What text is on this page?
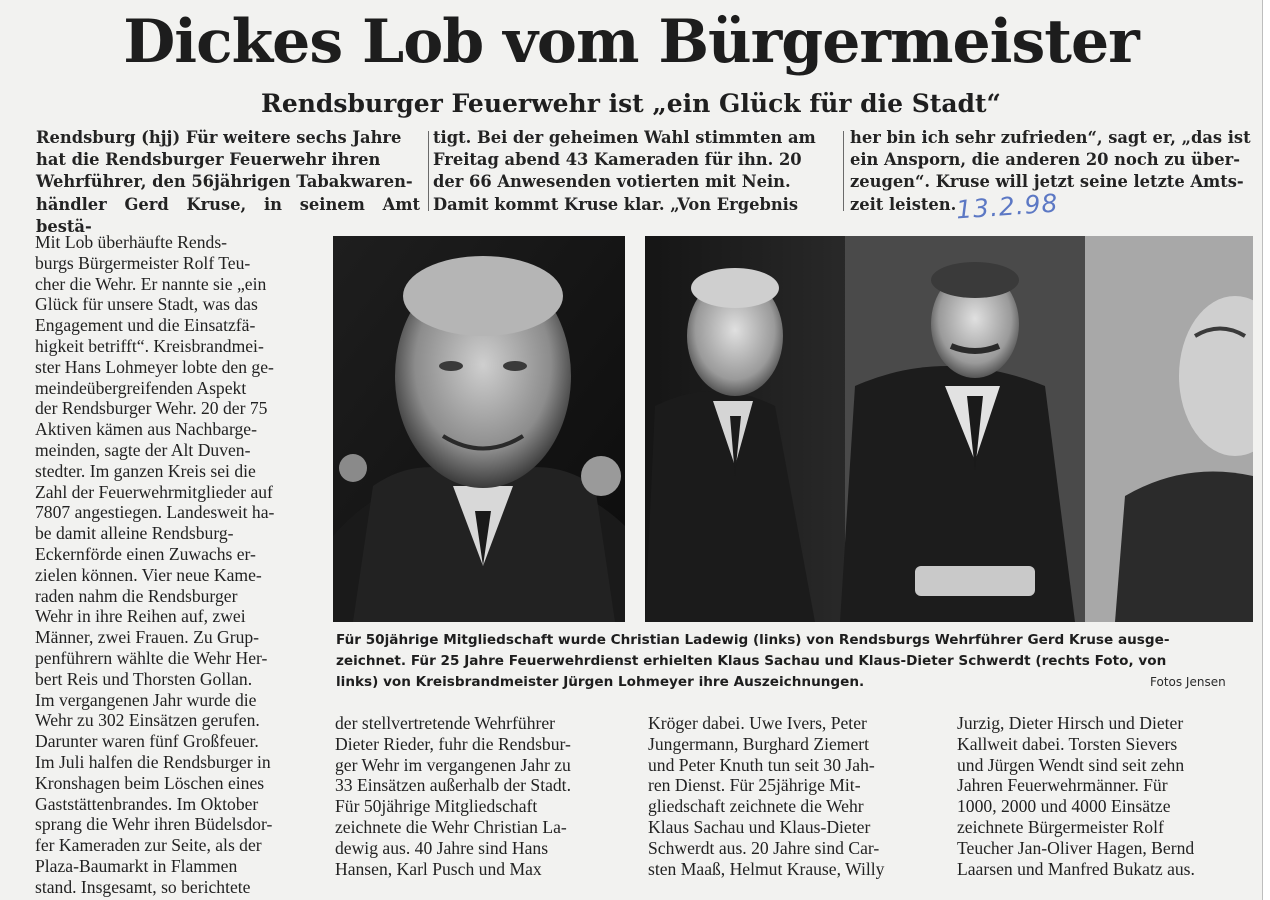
Dickes Lob vom Bürgermeister
Rendsburger Feuerwehr ist „ein Glück für die Stadt“
Rendsburg (hjj) Für weitere sechs Jahre
hat die Rendsburger Feuerwehr ihren
Wehrführer, den 56jährigen Tabakwaren-
händler Gerd Kruse, in seinem Amt bestä-
tigt. Bei der geheimen Wahl stimmten am
Freitag abend 43 Kameraden für ihn. 20
der 66 Anwesenden votierten mit Nein.
Damit kommt Kruse klar. „Von Ergebnis
her bin ich sehr zufrieden“, sagt er, „das ist
ein Ansporn, die anderen 20 noch zu über-
zeugen“. Kruse will jetzt seine letzte Amts-
zeit leisten.
13.2.98
Mit Lob überhäufte Rends-
burgs Bürgermeister Rolf Teu-
cher die Wehr. Er nannte sie „ein
Glück für unsere Stadt, was das
Engagement und die Einsatzfä-
higkeit betrifft“. Kreisbrandmei-
ster Hans Lohmeyer lobte den ge-
meindeübergreifenden Aspekt
der Rendsburger Wehr. 20 der 75
Aktiven kämen aus Nachbarge-
meinden, sagte der Alt Duven-
stedter. Im ganzen Kreis sei die
Zahl der Feuerwehrmitglieder auf
7807 angestiegen. Landesweit ha-
be damit alleine Rendsburg-
Eckernförde einen Zuwachs er-
zielen können. Vier neue Kame-
raden nahm die Rendsburger
Wehr in ihre Reihen auf, zwei
Männer, zwei Frauen. Zu Grup-
penführern wählte die Wehr Her-
bert Reis und Thorsten Gollan.
Im vergangenen Jahr wurde die
Wehr zu 302 Einsätzen gerufen.
Darunter waren fünf Großfeuer.
Im Juli halfen die Rendsburger in
Kronshagen beim Löschen eines
Gaststättenbrandes. Im Oktober
sprang die Wehr ihren Büdelsdor-
fer Kameraden zur Seite, als der
Plaza-Baumarkt in Flammen
stand. Insgesamt, so berichtete
Für 50jährige Mitgliedschaft wurde Christian Ladewig (links) von Rendsburgs Wehrführer Gerd Kruse ausge-
zeichnet. Für 25 Jahre Feuerwehrdienst erhielten Klaus Sachau und Klaus-Dieter Schwerdt (rechts Foto, von
links) von Kreisbrandmeister Jürgen Lohmeyer ihre Auszeichnungen.	Fotos Jensen
der stellvertretende Wehrführer
Dieter Rieder, fuhr die Rendsbur-
ger Wehr im vergangenen Jahr zu
33 Einsätzen außerhalb der Stadt.
Für 50jährige Mitgliedschaft
zeichnete die Wehr Christian La-
dewig aus. 40 Jahre sind Hans
Hansen, Karl Pusch und Max
Kröger dabei. Uwe Ivers, Peter
Jungermann, Burghard Ziemert
und Peter Knuth tun seit 30 Jah-
ren Dienst. Für 25jährige Mit-
gliedschaft zeichnete die Wehr
Klaus Sachau und Klaus-Dieter
Schwerdt aus. 20 Jahre sind Car-
sten Maaß, Helmut Krause, Willy
Jurzig, Dieter Hirsch und Dieter
Kallweit dabei. Torsten Sievers
und Jürgen Wendt sind seit zehn
Jahren Feuerwehrmänner. Für
1000, 2000 und 4000 Einsätze
zeichnete Bürgermeister Rolf
Teucher Jan-Oliver Hagen, Bernd
Laarsen und Manfred Bukatz aus.
